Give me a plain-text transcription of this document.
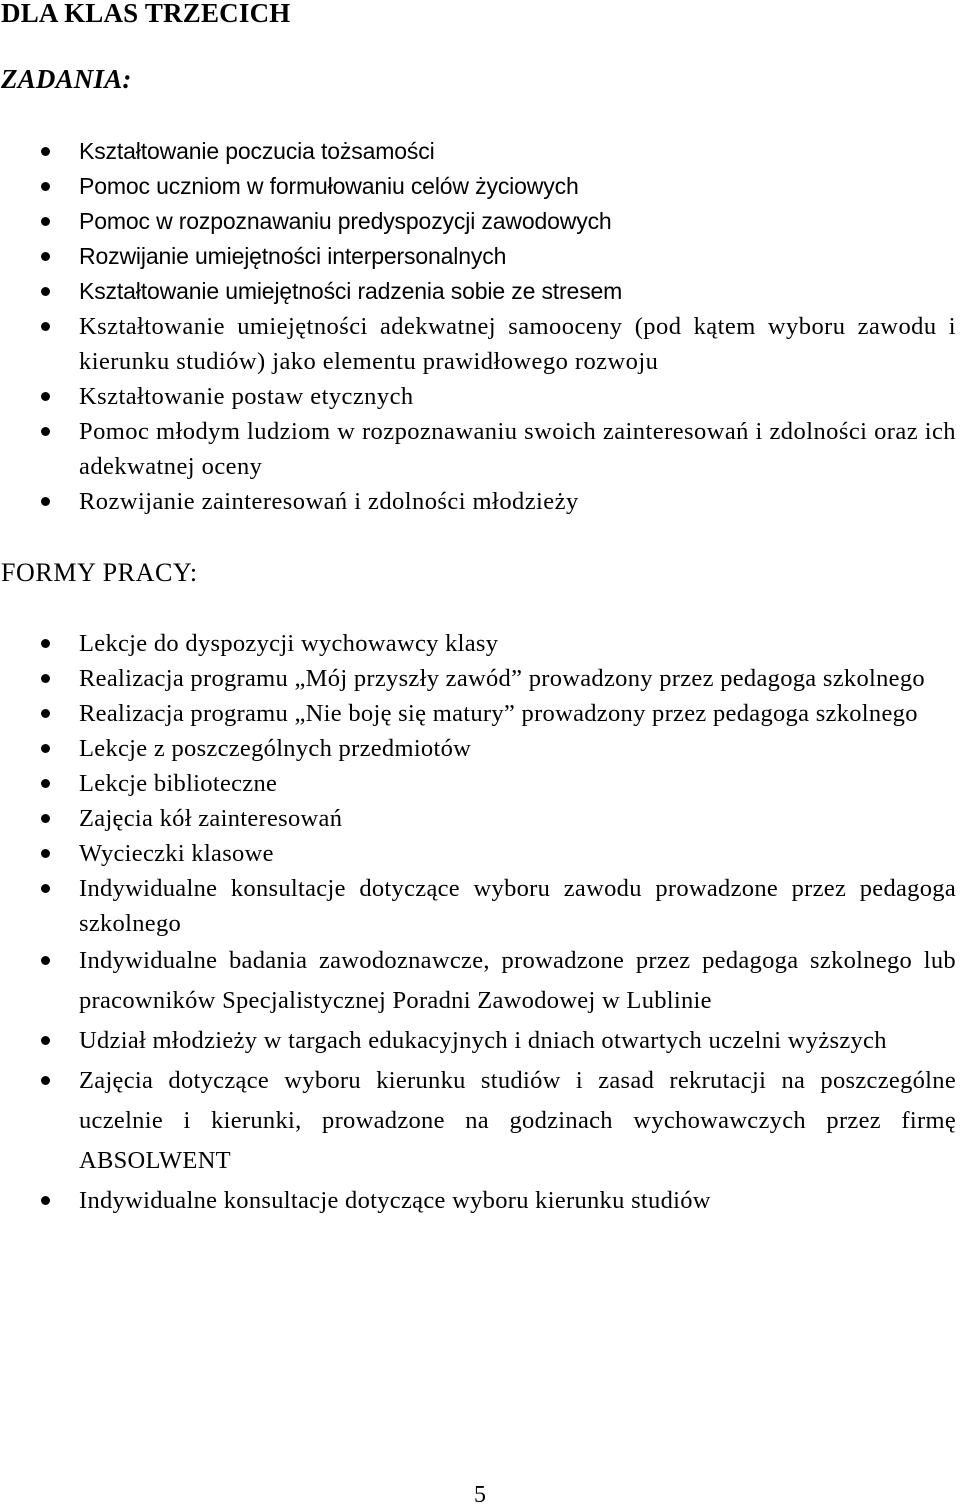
DLA KLAS TRZECICH
ZADANIA:
Kształtowanie poczucia tożsamości
Pomoc uczniom w formułowaniu celów życiowych
Pomoc w rozpoznawaniu predyspozycji zawodowych
Rozwijanie umiejętności interpersonalnych
Kształtowanie umiejętności radzenia sobie ze stresem
Kształtowanie umiejętności adekwatnej samooceny (pod kątem wyboru zawodu i kierunku studiów) jako elementu prawidłowego rozwoju
Kształtowanie postaw etycznych
Pomoc młodym ludziom w rozpoznawaniu swoich zainteresowań i zdolności oraz ich adekwatnej oceny
Rozwijanie zainteresowań i zdolności młodzieży
FORMY PRACY:
Lekcje do dyspozycji wychowawcy klasy
Realizacja programu „Mój przyszły zawód” prowadzony przez pedagoga szkolnego
Realizacja programu „Nie boję się matury” prowadzony przez pedagoga szkolnego
Lekcje z poszczególnych przedmiotów
Lekcje biblioteczne
Zajęcia kół zainteresowań
Wycieczki klasowe
Indywidualne konsultacje dotyczące wyboru zawodu prowadzone przez pedagoga szkolnego
Indywidualne badania zawodoznawcze, prowadzone przez pedagoga szkolnego lub pracowników Specjalistycznej Poradni Zawodowej w Lublinie
Udział młodzieży w targach edukacyjnych i dniach otwartych uczelni wyższych
Zajęcia dotyczące wyboru kierunku studiów i zasad rekrutacji na poszczególne uczelnie i kierunki, prowadzone na godzinach wychowawczych przez firmę ABSOLWENT
Indywidualne konsultacje dotyczące wyboru kierunku studiów

5
